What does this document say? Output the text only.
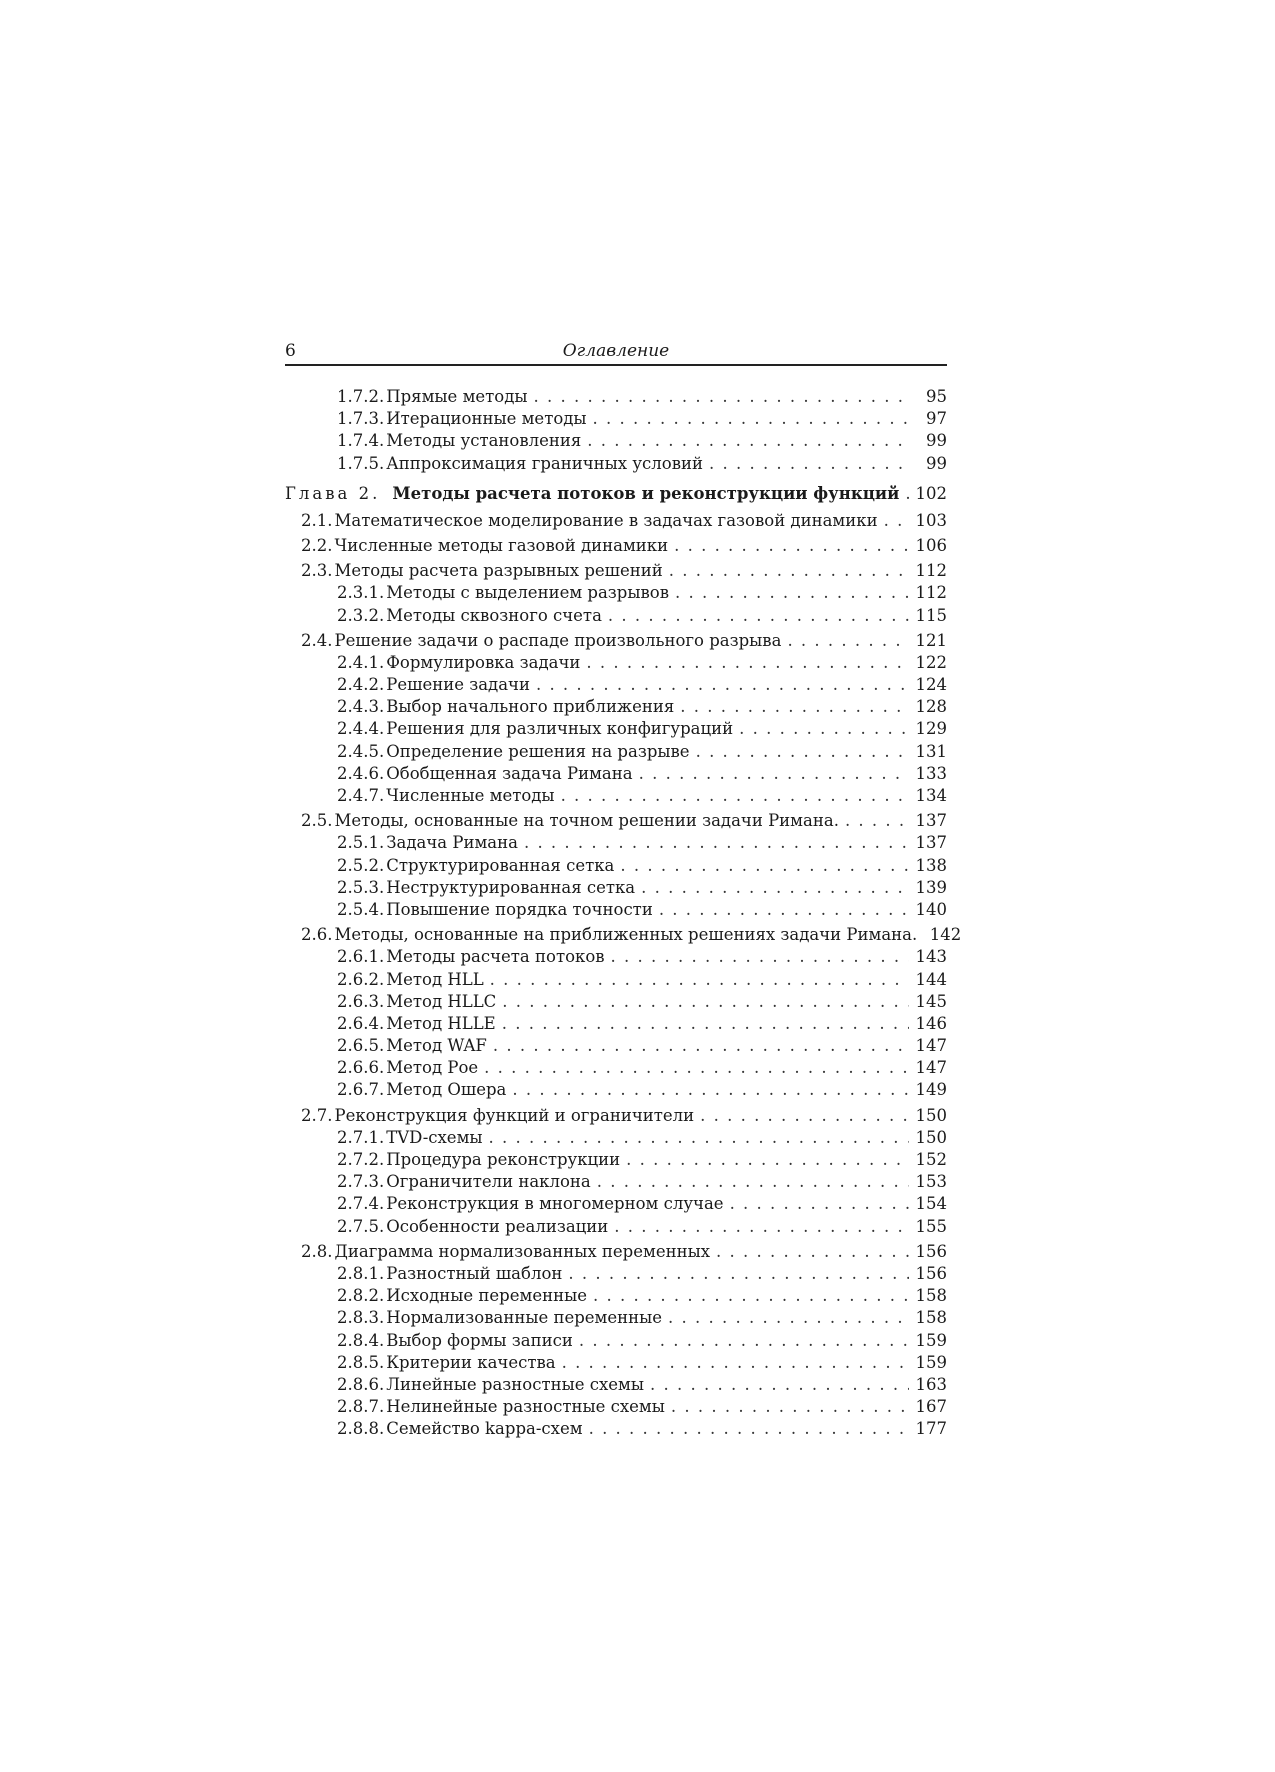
6	Оглавление
1.7.2. Прямые методы . . .	95
1.7.3. Итерационные методы . . .	97
1.7.4. Методы установления . . .	99
1.7.5. Аппроксимация граничных условий . . .	99
Глава 2. Методы расчета потоков и реконструкции функций . . . 102
2.1. Математическое моделирование в задачах газовой динамики . . . 103
2.2. Численные методы газовой динамики . . .	106
2.3. Методы расчета разрывных решений . . .	112
2.3.1. Методы с выделением разрывов . . .	112
2.3.2. Методы сквозного счета . . .	115
2.4. Решение задачи о распаде произвольного разрыва . . .	121
2.4.1. Формулировка задачи . . .	122
2.4.2. Решение задачи . . .	124
2.4.3. Выбор начального приближения . . .	128
2.4.4. Решения для различных конфигураций . . .	129
2.4.5. Определение решения на разрыве . . .	131
2.4.6. Обобщенная задача Римана . . .	133
2.4.7. Численные методы . . .	134
2.5. Методы, основанные на точном решении задачи Римана. . . .	137
2.5.1. Задача Римана . . .	137
2.5.2. Структурированная сетка . . .	138
2.5.3. Неструктурированная сетка . . .	139
2.5.4. Повышение порядка точности . . .	140
2.6. Методы, основанные на приближенных решениях задачи Римана. 142
2.6.1. Методы расчета потоков . . .	143
2.6.2. Метод HLL . . .	144
2.6.3. Метод HLLC . . .	145
2.6.4. Метод HLLE . . .	146
2.6.5. Метод WAF . . .	147
2.6.6. Метод Рое . . .	147
2.6.7. Метод Ошера . . .	149
2.7. Реконструкция функций и ограничители . . .	150
2.7.1. TVD-схемы . . .	150
2.7.2. Процедура реконструкции . . .	152
2.7.3. Ограничители наклона . . .	153
2.7.4. Реконструкция в многомерном случае . . .	154
2.7.5. Особенности реализации . . .	155
2.8. Диаграмма нормализованных переменных . . .	156
2.8.1. Разностный шаблон . . .	156
2.8.2. Исходные переменные . . .	158
2.8.3. Нормализованные переменные . . .	158
2.8.4. Выбор формы записи . . .	159
2.8.5. Критерии качества . . .	159
2.8.6. Линейные разностные схемы . . .	163
2.8.7. Нелинейные разностные схемы . . .	167
2.8.8. Семейство kappa-схем . . .	177
